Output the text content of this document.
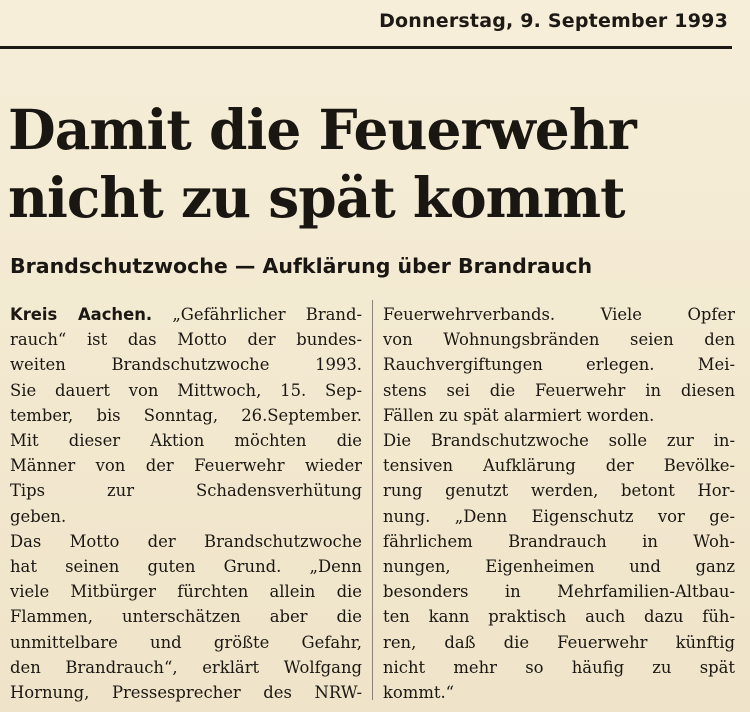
Donnerstag, 9. September 1993
Damit die Feuerwehr
nicht zu spät kommt
Brandschutzwoche — Aufklärung über Brandrauch
Kreis Aachen. „Gefährlicher Brand-
rauch“ ist das Motto der bundes-
weiten Brandschutzwoche 1993.
Sie dauert von Mittwoch, 15. Sep-
tember, bis Sonntag, 26.September.
Mit dieser Aktion möchten die
Männer von der Feuerwehr wieder
Tips zur Schadensverhütung
geben.
Das Motto der Brandschutzwoche
hat seinen guten Grund. „Denn
viele Mitbürger fürchten allein die
Flammen, unterschätzen aber die
unmittelbare und größte Gefahr,
den Brandrauch“, erklärt Wolfgang
Hornung, Pressesprecher des NRW-
Feuerwehrverbands. Viele Opfer
von Wohnungsbränden seien den
Rauchvergiftungen erlegen. Mei-
stens sei die Feuerwehr in diesen
Fällen zu spät alarmiert worden.
Die Brandschutzwoche solle zur in-
tensiven Aufklärung der Bevölke-
rung genutzt werden, betont Hor-
nung. „Denn Eigenschutz vor ge-
fährlichem Brandrauch in Woh-
nungen, Eigenheimen und ganz
besonders in Mehrfamilien-Altbau-
ten kann praktisch auch dazu füh-
ren, daß die Feuerwehr künftig
nicht mehr so häufig zu spät
kommt.“
